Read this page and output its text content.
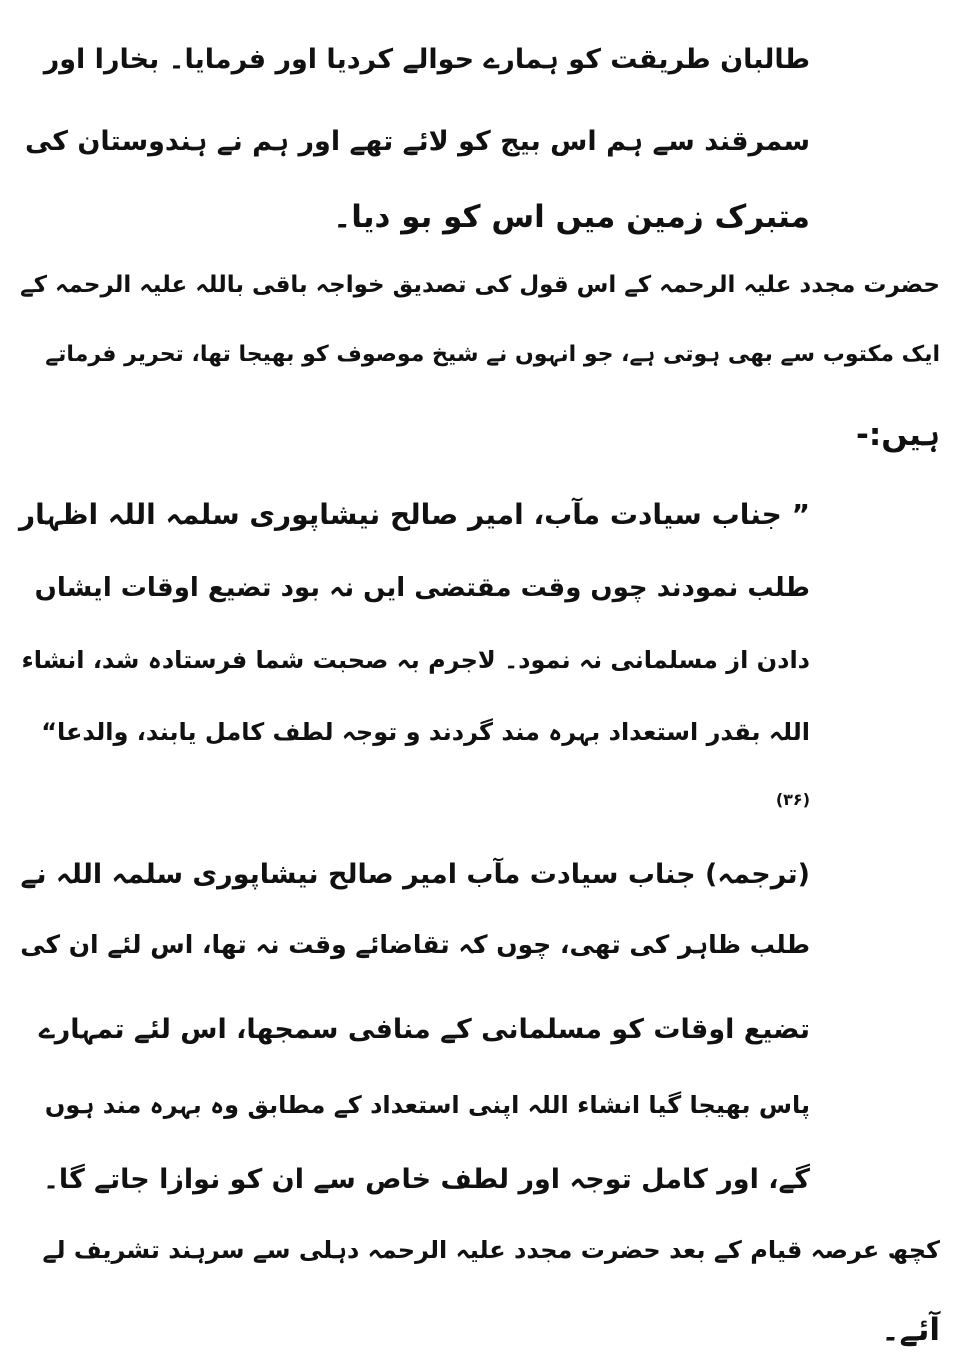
طالبان طریقت کو ہمارے حوالے کردیا اور فرمایا۔ بخارا اور
سمرقند سے ہم اس بیج کو لائے تھے اور ہم نے ہندوستان کی
متبرک زمین میں اس کو بو دیا۔
حضرت مجدد علیہ الرحمہ کے اس قول کی تصدیق خواجہ باقی باللہ علیہ الرحمہ کے
ایک مکتوب سے بھی ہوتی ہے، جو انہوں نے شیخ موصوف کو بھیجا تھا، تحریر فرماتے
ہیں:-
” جناب سیادت مآب، امیر صالح نیشاپوری سلمہ اللہ اظہار
طلب نمودند چوں وقت مقتضی ایں نہ بود تضیع اوقات ایشاں
دادن از مسلمانی نہ نمود۔ لاجرم بہ صحبت شما فرستادہ شد، انشاء
اللہ بقدر استعداد بہرہ مند گردند و توجہ لطف کامل یابند، والدعا“
(۳۶)
(ترجمہ) جناب سیادت مآب امیر صالح نیشاپوری سلمہ اللہ نے
طلب ظاہر کی تھی، چوں کہ تقاضائے وقت نہ تھا، اس لئے ان کی
تضیع اوقات کو مسلمانی کے منافی سمجھا، اس لئے تمہارے
پاس بھیجا گیا انشاء اللہ اپنی استعداد کے مطابق وہ بہرہ مند ہوں
گے، اور کامل توجہ اور لطف خاص سے ان کو نوازا جاتے گا۔
کچھ عرصہ قیام کے بعد حضرت مجدد علیہ الرحمہ دہلی سے سرہند تشریف لے
آئے۔
